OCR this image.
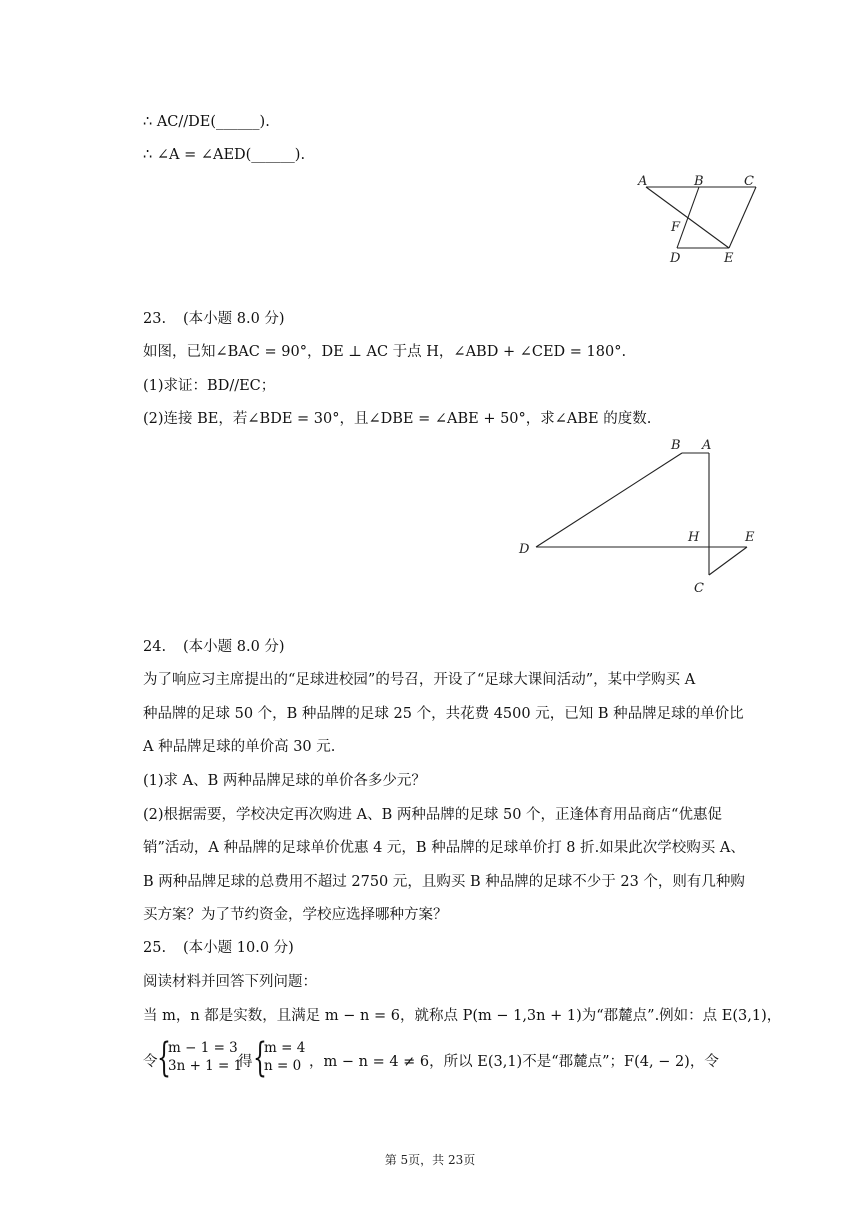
∴ AC//DE(______).
∴ ∠A = ∠AED(______).
A	B	C
F
D	E
23. (本小题 8.0 分)
如图，已知∠BAC = 90°，DE ⊥ AC 于点 H，∠ABD + ∠CED = 180°.
(1)求证：BD//EC；
(2)连接 BE，若∠BDE = 30°，且∠DBE = ∠ABE + 50°，求∠ABE 的度数.
B A
H	E
D
C
24. (本小题 8.0 分)
为了响应习主席提出的“足球进校园”的号召，开设了“足球大课间活动”，某中学购买 A
种品牌的足球 50 个，B 种品牌的足球 25 个，共花费 4500 元，已知 B 种品牌足球的单价比
A 种品牌足球的单价高 30 元.
(1)求 A、B 两种品牌足球的单价各多少元？
(2)根据需要，学校决定再次购进 A、B 两种品牌的足球 50 个，正逢体育用品商店“优惠促
销”活动，A 种品牌的足球单价优惠 4 元，B 种品牌的足球单价打 8 折.如果此次学校购买 A、
B 两种品牌足球的总费用不超过 2750 元，且购买 B 种品牌的足球不少于 23 个，则有几种购
买方案？为了节约资金，学校应选择哪种方案？
25. (本小题 10.0 分)
阅读材料并回答下列问题：
当 m，n 都是实数，且满足 m − n = 6，就称点 P(m − 1,3n + 1)为“郡麓点”.例如：点 E(3,1)，
令 {
m − 1 = 3
3n + 1 = 1
得 {
m = 4
n = 0 ，m − n = 4 ≠ 6，所以 E(3,1)不是“郡麓点”；F(4, − 2)，令
第 5页，共 23页
